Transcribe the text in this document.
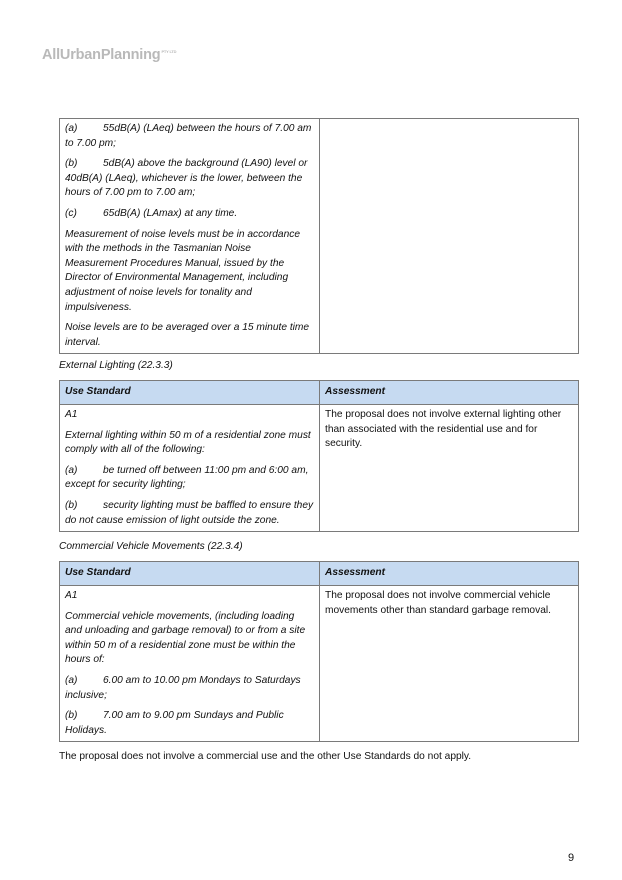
AllUrbanPlanning$^{PTY LTD}$

(a)	55dB(A) (LAeq) between the hours of 7.00 am to 7.00 pm;

(b)	5dB(A) above the background (LA90) level or 40dB(A) (LAeq), whichever is the lower, between the hours of 7.00 pm to 7.00 am;

(c)	65dB(A) (LAmax) at any time.

Measurement of noise levels must be in accordance with the methods in the Tasmanian Noise Measurement Procedures Manual, issued by the Director of Environmental Management, including adjustment of noise levels for tonality and impulsiveness.

Noise levels are to be averaged over a 15 minute time interval.

External Lighting (22.3.3)
Use Standard	Assessment

A1

External lighting within 50 m of a residential zone must comply with all of the following:

(a) be turned off between 11:00 pm and 6:00 am, except for security lighting;

(b) security lighting must be baffled to ensure they do not cause emission of light outside the zone.	The proposal does not involve external lighting other than associated with the residential use and for security.

Commercial Vehicle Movements (22.3.4)
Use Standard	Assessment

A1

Commercial vehicle movements, (including loading and unloading and garbage removal) to or from a site within 50 m of a residential zone must be within the hours of:

(a) 6.00 am to 10.00 pm Mondays to Saturdays inclusive;

(b) 7.00 am to 9.00 pm Sundays and Public Holidays.	The proposal does not involve commercial vehicle movements other than standard garbage removal.

The proposal does not involve a commercial use and the other Use Standards do not apply.
9
